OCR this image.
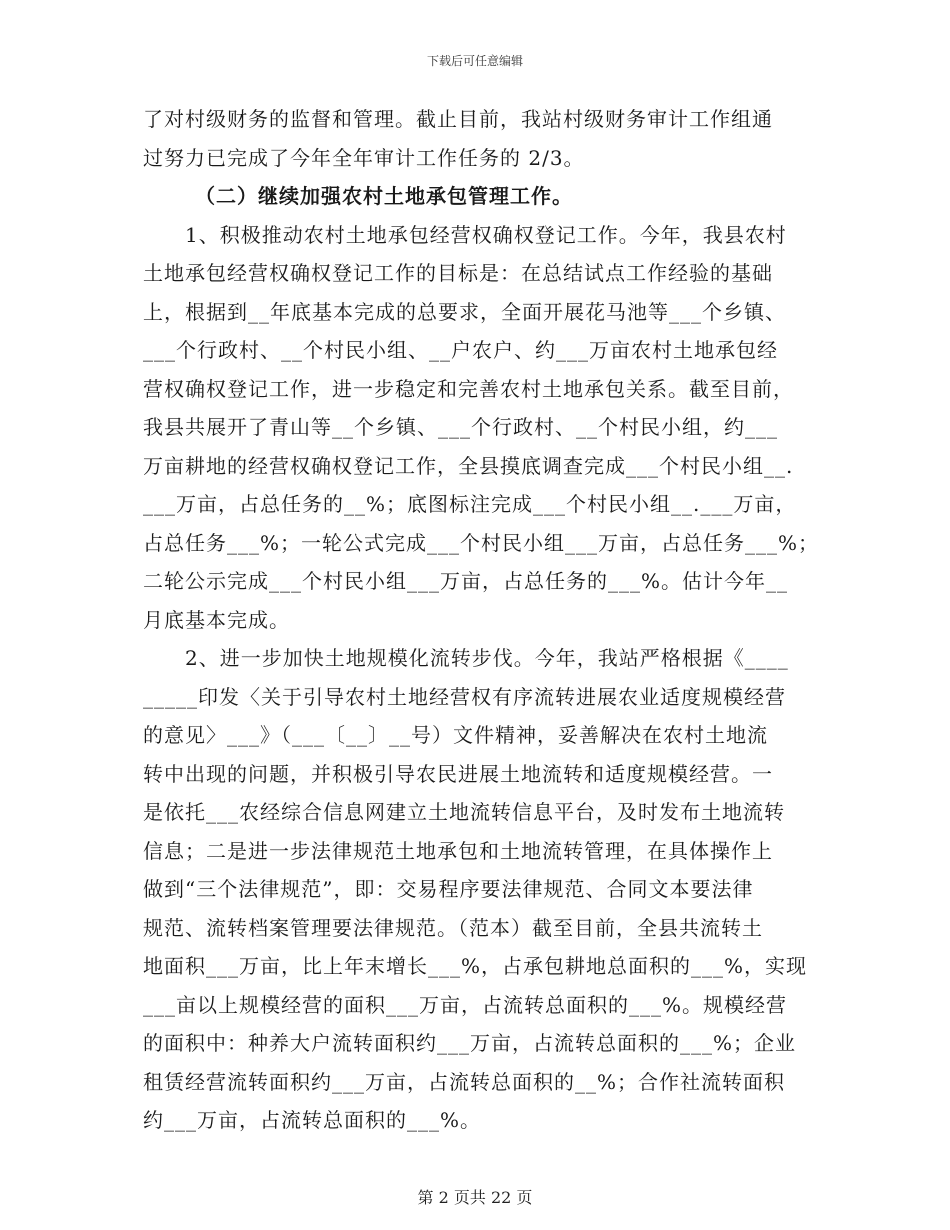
下载后可任意编辑
了对村级财务的监督和管理。截止目前，我站村级财务审计工作组通
过努力已完成了今年全年审计工作任务的 2/3。
（二）继续加强农村土地承包管理工作。
　　1、积极推动农村土地承包经营权确权登记工作。今年，我县农村
土地承包经营权确权登记工作的目标是：在总结试点工作经验的基础
上，根据到__年底基本完成的总要求，全面开展花马池等___个乡镇、
___个行政村、__个村民小组、__户农户、约___万亩农村土地承包经
营权确权登记工作，进一步稳定和完善农村土地承包关系。截至目前，
我县共展开了青山等__个乡镇、___个行政村、__个村民小组，约___
万亩耕地的经营权确权登记工作，全县摸底调查完成___个村民小组__.
___万亩，占总任务的__%；底图标注完成___个村民小组__.___万亩，
占总任务___%；一轮公式完成___个村民小组___万亩，占总任务___%；
二轮公示完成___个村民小组___万亩，占总任务的___%。估计今年__
月底基本完成。
　　2、进一步加快土地规模化流转步伐。今年，我站严格根据《____
_____印发〈关于引导农村土地经营权有序流转进展农业适度规模经营
的意见〉___》（___〔__〕__号）文件精神，妥善解决在农村土地流
转中出现的问题，并积极引导农民进展土地流转和适度规模经营。一
是依托___农经综合信息网建立土地流转信息平台，及时发布土地流转
信息；二是进一步法律规范土地承包和土地流转管理，在具体操作上
做到“三个法律规范”，即：交易程序要法律规范、合同文本要法律
规范、流转档案管理要法律规范。（范本）截至目前，全县共流转土
地面积___万亩，比上年末增长___%，占承包耕地总面积的___%，实现
___亩以上规模经营的面积___万亩，占流转总面积的___%。规模经营
的面积中：种养大户流转面积约___万亩，占流转总面积的___%；企业
租赁经营流转面积约___万亩，占流转总面积的__%；合作社流转面积
约___万亩，占流转总面积的___%。
第 2 页共 22 页
